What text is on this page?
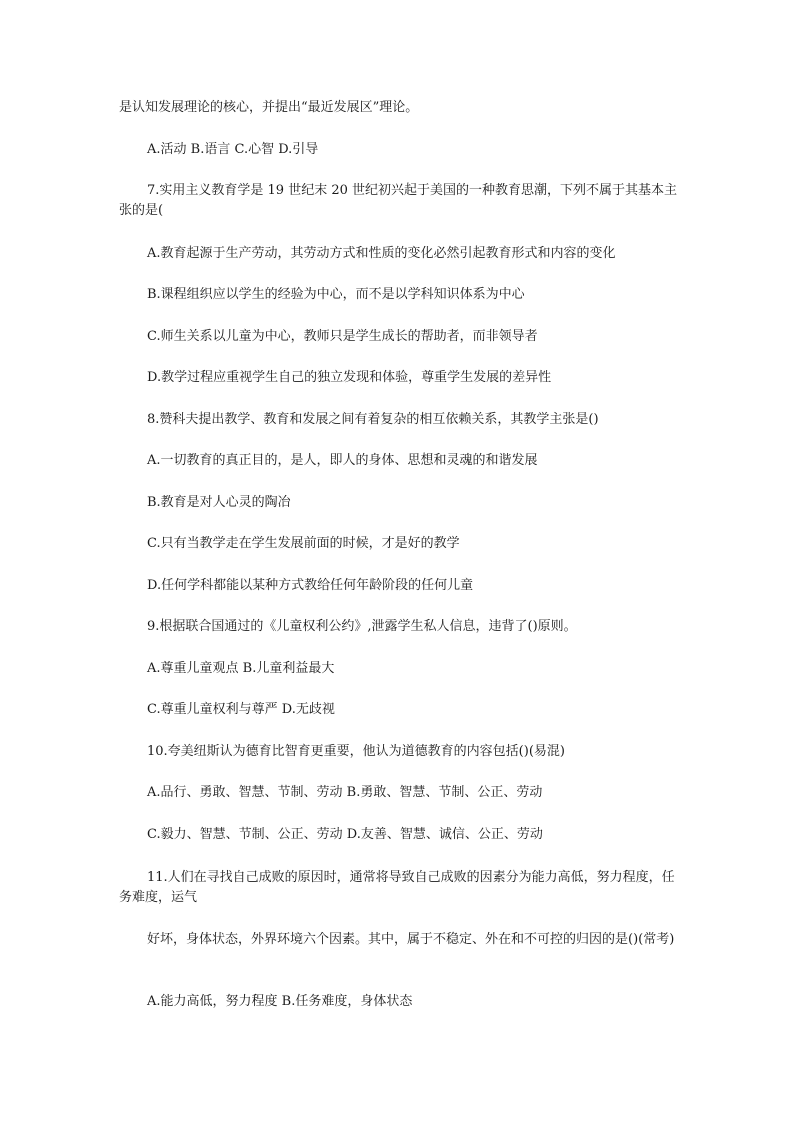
是认知发展理论的核心，并提出“最近发展区”理论。
A.活动 B.语言 C.心智 D.引导
7.实用主义教育学是 19 世纪末 20 世纪初兴起于美国的一种教育思潮，下列不属于其基本主张的是(
A.教育起源于生产劳动，其劳动方式和性质的变化必然引起教育形式和内容的变化
B.课程组织应以学生的经验为中心，而不是以学科知识体系为中心
C.师生关系以儿童为中心，教师只是学生成长的帮助者，而非领导者
D.教学过程应重视学生自己的独立发现和体验，尊重学生发展的差异性
8.赞科夫提出教学、教育和发展之间有着复杂的相互依赖关系，其教学主张是()
A.一切教育的真正目的，是人，即人的身体、思想和灵魂的和谐发展
B.教育是对人心灵的陶冶
C.只有当教学走在学生发展前面的时候，才是好的教学
D.任何学科都能以某种方式教给任何年龄阶段的任何儿童
9.根据联合国通过的《儿童权利公约》,泄露学生私人信息，违背了()原则。
A.尊重儿童观点 B.儿童利益最大
C.尊重儿童权利与尊严 D.无歧视
10.夸美纽斯认为德育比智育更重要，他认为道德教育的内容包括()(易混)
A.品行、勇敢、智慧、节制、劳动 B.勇敢、智慧、节制、公正、劳动
C.毅力、智慧、节制、公正、劳动 D.友善、智慧、诚信、公正、劳动
11.人们在寻找自己成败的原因时，通常将导致自己成败的因素分为能力高低，努力程度，任务难度，运气
好坏，身体状态，外界环境六个因素。其中，属于不稳定、外在和不可控的归因的是()(常考)
A.能力高低，努力程度 B.任务难度，身体状态
